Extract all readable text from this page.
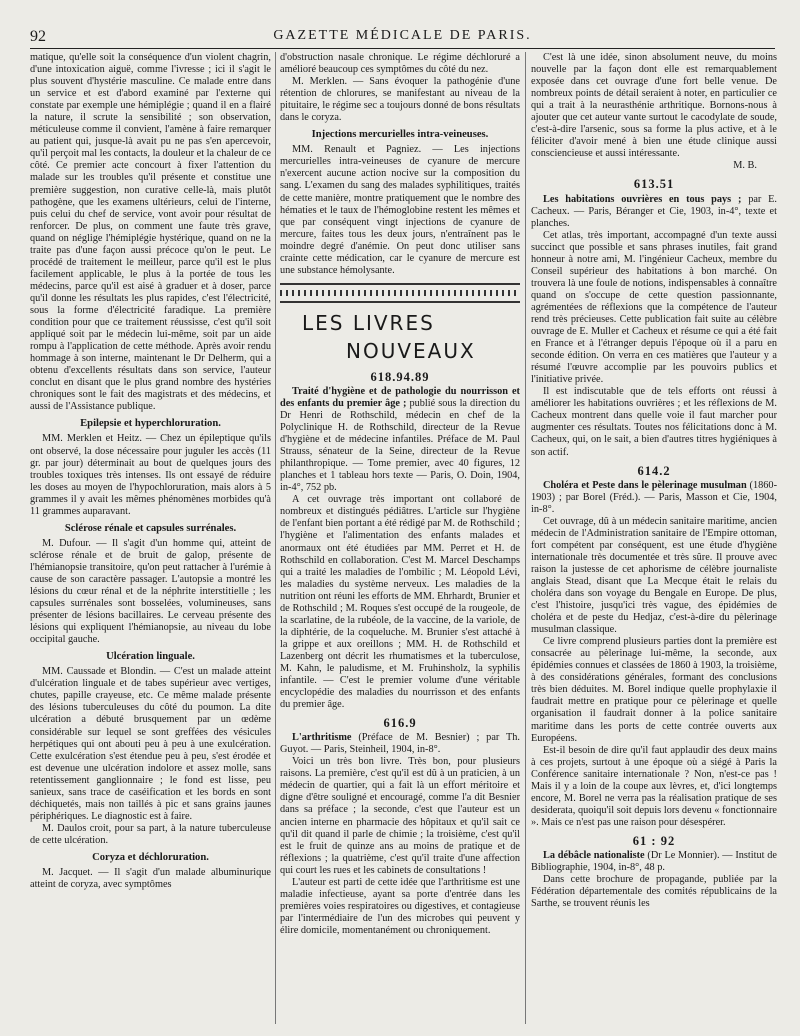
92	GAZETTE MÉDICALE DE PARIS.

matique, qu'elle soit la conséquence d'un violent chagrin, d'une intoxication aiguë, comme l'ivresse ; ici il s'agit le plus souvent d'hystérie masculine. Ce malade entre dans un service et est d'abord examiné par l'externe qui constate par exemple une hémiplégie ; quand il en a flairé la nature, il scrute la sensibilité ; son observation, méticuleuse comme il convient, l'amène à faire remarquer au patient qui, jusque-là avait pu ne pas s'en apercevoir, qu'il perçoit mal les contacts, la douleur et la chaleur de ce côté. Ce premier acte concourt à fixer l'attention du malade sur les troubles qu'il présente et constitue une première suggestion, non curative celle-là, mais plutôt pathogène, que les examens ultérieurs, celui de l'interne, puis celui du chef de service, vont avoir pour résultat de renforcer. De plus, on comment une faute très grave, quand on néglige l'hémiplégie hystérique, quand on ne la traite pas d'une façon aussi précoce qu'on le peut. Le procédé de traitement le meilleur, parce qu'il est le plus facilement applicable, le plus à la portée de tous les médecins, parce qu'il est aisé à graduer et à doser, parce qu'il donne les résultats les plus rapides, c'est l'électricité, sous la forme d'électricité faradique. La première condition pour que ce traitement réussisse, c'est qu'il soit appliqué soit par le médecin lui-même, soit par un aide rompu à l'application de cette méthode. Après avoir rendu hommage à son interne, maintenant le Dr Delherm, qui a obtenu d'excellents résultats dans son service, l'auteur conclut en disant que le plus grand nombre des hystéries chroniques sont le fait des magistrats et des médecins, et aussi de l'Assistance publique.

Epilepsie et hyperchloruration.

MM. Merklen et Heitz. — Chez un épileptique qu'ils ont observé, la dose nécessaire pour juguler les accès (11 gr. par jour) déterminait au bout de quelques jours des troubles toxiques très intenses. Ils ont essayé de réduire les doses au moyen de l'hypochloruration, mais alors à 5 grammes il y avait les mêmes phénomènes morbides qu'à 11 grammes auparavant.

Sclérose rénale et capsules surrénales.

M. Dufour. — Il s'agit d'un homme qui, atteint de sclérose rénale et de bruit de galop, présente de l'hémianopsie transitoire, qu'on peut rattacher à l'urémie à cause de son caractère passager. L'autopsie a montré les lésions du cœur rénal et de la néphrite interstitielle ; les capsules surrénales sont bosselées, volumineuses, sans présenter de lésions bacillaires. Le cerveau présente des lésions qui expliquent l'hémianopsie, au niveau du lobe occipital gauche.

Ulcération linguale.

MM. Caussade et Blondin. — C'est un malade atteint d'ulcération linguale et de tabes supérieur avec vertiges, chutes, papille crayeuse, etc. Ce même malade présente des lésions tuberculeuses du côté du poumon. La dite ulcération a débuté brusquement par un œdème considérable sur lequel se sont greffées des vésicules herpétiques qui ont abouti peu à peu à une exulcération. Cette exulcération s'est étendue peu à peu, s'est érodée et est devenue une ulcération indolore et assez molle, sans retentissement ganglionnaire ; le fond est lisse, peu sanieux, sans trace de caséification et les bords en sont déchiquetés, mais non taillés à pic et sans grains jaunes périphériques. Le diagnostic est à faire.

M. Daulos croit, pour sa part, à la nature tuberculeuse de cette ulcération.

Coryza et déchloruration.

M. Jacquet. — Il s'agit d'un malade albuminurique atteint de coryza, avec symptômes

d'obstruction nasale chronique. Le régime déchloruré a amélioré beaucoup ces symptômes du côté du nez.

M. Merklen. — Sans évoquer la pathogénie d'une rétention de chlorures, se manifestant au niveau de la pituitaire, le régime sec a toujours donné de bons résultats dans le coryza.

Injections mercurielles intra-veineuses.

MM. Renault et Pagniez. — Les injections mercurielles intra-veineuses de cyanure de mercure n'exercent aucune action nocive sur la composition du sang. L'examen du sang des malades syphilitiques, traités de cette manière, montre pratiquement que le nombre des hématies et le taux de l'hémoglobine restent les mêmes et que par conséquent vingt injections de cyanure de mercure, faites tous les deux jours, n'entraînent pas le moindre degré d'anémie. On peut donc utiliser sans crainte cette médication, car le cyanure de mercure est une substance hémolysante.

LES LIVRES
NOUVEAUX
618.94.89

Traité d'hygiène et de pathologie du nourrisson et des enfants du premier âge ; publié sous la direction du Dr Henri de Rothschild, médecin en chef de la Polyclinique H. de Rothschild, directeur de la Revue d'hygiène et de médecine infantiles. Préface de M. Paul Strauss, sénateur de la Seine, directeur de la Revue philanthropique. — Tome premier, avec 40 figures, 12 planches et 1 tableau hors texte — Paris, O. Doin, 1904, in-4°, 752 pb.

A cet ouvrage très important ont collaboré de nombreux et distingués pédiâtres. L'article sur l'hygiène de l'enfant bien portant a été rédigé par M. de Rothschild ; l'hygiène et l'alimentation des enfants malades et anormaux ont été étudiées par MM. Perret et H. de Rothschild en collaboration. C'est M. Marcel Deschamps qui a traité les maladies de l'ombilic ; M. Léopold Lévi, les maladies du système nerveux. Les maladies de la nutrition ont réuni les efforts de MM. Ehrhardt, Brunier et de Rothschild ; M. Roques s'est occupé de la rougeole, de la scarlatine, de la rubéole, de la vaccine, de la variole, de la diphtérie, de la coqueluche. M. Brunier s'est attaché à la grippe et aux oreillons ; MM. H. de Rothschild et Lazenberg ont décrit les rhumatismes et la tuberculose, M. Kahn, le paludisme, et M. Fruhinsholz, la syphilis infantile. — C'est le premier volume d'une véritable encyclopédie des maladies du nourrisson et des enfants du premier âge.

616.9

L'arthritisme (Préface de M. Besnier) ; par Th. Guyot. — Paris, Steinheil, 1904, in-8°.

Voici un très bon livre. Très bon, pour plusieurs raisons. La première, c'est qu'il est dû à un praticien, à un médecin de quartier, qui a fait là un effort méritoire et digne d'être souligné et encouragé, comme l'a dit Besnier dans sa préface ; la seconde, c'est que l'auteur est un ancien interne en pharmacie des hôpitaux et qu'il sait ce qu'il dit quand il parle de chimie ; la troisième, c'est qu'il est le fruit de quinze ans au moins de pratique et de réflexions ; la quatrième, c'est qu'il traite d'une affection qui court les rues et les cabinets de consultations !

L'auteur est parti de cette idée que l'arthritisme est une maladie infectieuse, ayant sa porte d'entrée dans les premières voies respiratoires ou digestives, et contagieuse par l'intermédiaire de l'un des microbes qui peuvent y élire domicile, momentanément ou chroniquement.

C'est là une idée, sinon absolument neuve, du moins nouvelle par la façon dont elle est remarquablement exposée dans cet ouvrage d'une fort belle venue. De nombreux points de détail seraient à noter, en particulier ce qui a trait à la neurasthénie arthritique. Bornons-nous à ajouter que cet auteur vante surtout le cacodylate de soude, c'est-à-dire l'arsenic, sous sa forme la plus active, et à le féliciter d'avoir mené à bien une étude clinique aussi consciencieuse et aussi intéressante.

M. B.
613.51

Les habitations ouvrières en tous pays ; par E. Cacheux. — Paris, Béranger et Cie, 1903, in-4°, texte et planches.

Cet atlas, très important, accompagné d'un texte aussi succinct que possible et sans phrases inutiles, fait grand honneur à notre ami, M. l'ingénieur Cacheux, membre du Conseil supérieur des habitations à bon marché. On trouvera là une foule de notions, indispensables à connaître quand on s'occupe de cette question passionnante, agrémentées de réflexions que la compétence de l'auteur rend très précieuses. Cette publication fait suite au célèbre ouvrage de E. Muller et Cacheux et résume ce qui a été fait en France et à l'étranger depuis l'époque où il a paru en seconde édition. On verra en ces matières que l'auteur y a résumé l'œuvre accomplie par les pouvoirs publics et l'initiative privée.

Il est indiscutable que de tels efforts ont réussi à améliorer les habitations ouvrières ; et les réflexions de M. Cacheux montrent dans quelle voie il faut marcher pour augmenter ces résultats. Toutes nos félicitations donc à M. Cacheux, qui, on le sait, a bien d'autres titres hygiéniques à son actif.

614.2

Choléra et Peste dans le pèlerinage musulman (1860-1903) ; par Borel (Fréd.). — Paris, Masson et Cie, 1904, in-8°.

Cet ouvrage, dû à un médecin sanitaire maritime, ancien médecin de l'Administration sanitaire de l'Empire ottoman, fort compétent par conséquent, est une étude d'hygiène internationale très documentée et très sûre. Il prouve avec raison la justesse de cet aphorisme de célèbre journaliste anglais Stead, disant que La Mecque était le relais du choléra dans son voyage du Bengale en Europe. De plus, c'est l'histoire, jusqu'ici très vague, des épidémies de choléra et de peste du Hedjaz, c'est-à-dire du pèlerinage musulman classique.

Ce livre comprend plusieurs parties dont la première est consacrée au pèlerinage lui-même, la seconde, aux épidémies connues et classées de 1860 à 1903, la troisième, à des considérations générales, formant des conclusions très bien déduites. M. Borel indique quelle prophylaxie il faudrait mettre en pratique pour ce pèlerinage et quelle organisation il faudrait donner à la police sanitaire maritime dans les ports de cette contrée ouverts aux Européens.

Est-il besoin de dire qu'il faut applaudir des deux mains à ces projets, surtout à une époque où a siégé à Paris la Conférence sanitaire internationale ? Non, n'est-ce pas ! Mais il y a loin de la coupe aux lèvres, et, d'ici longtemps encore, M. Borel ne verra pas la réalisation pratique de ses desiderata, quoiqu'il soit depuis lors devenu « fonctionnaire ». Mais ce n'est pas une raison pour désespérer.

61 : 92

La débâcle nationaliste (Dr Le Monnier). — Institut de Bibliographie, 1904, in-8°, 48 p.

Dans cette brochure de propagande, publiée par la Fédération départementale des comités républicains de la Sarthe, se trouvent réunis les
